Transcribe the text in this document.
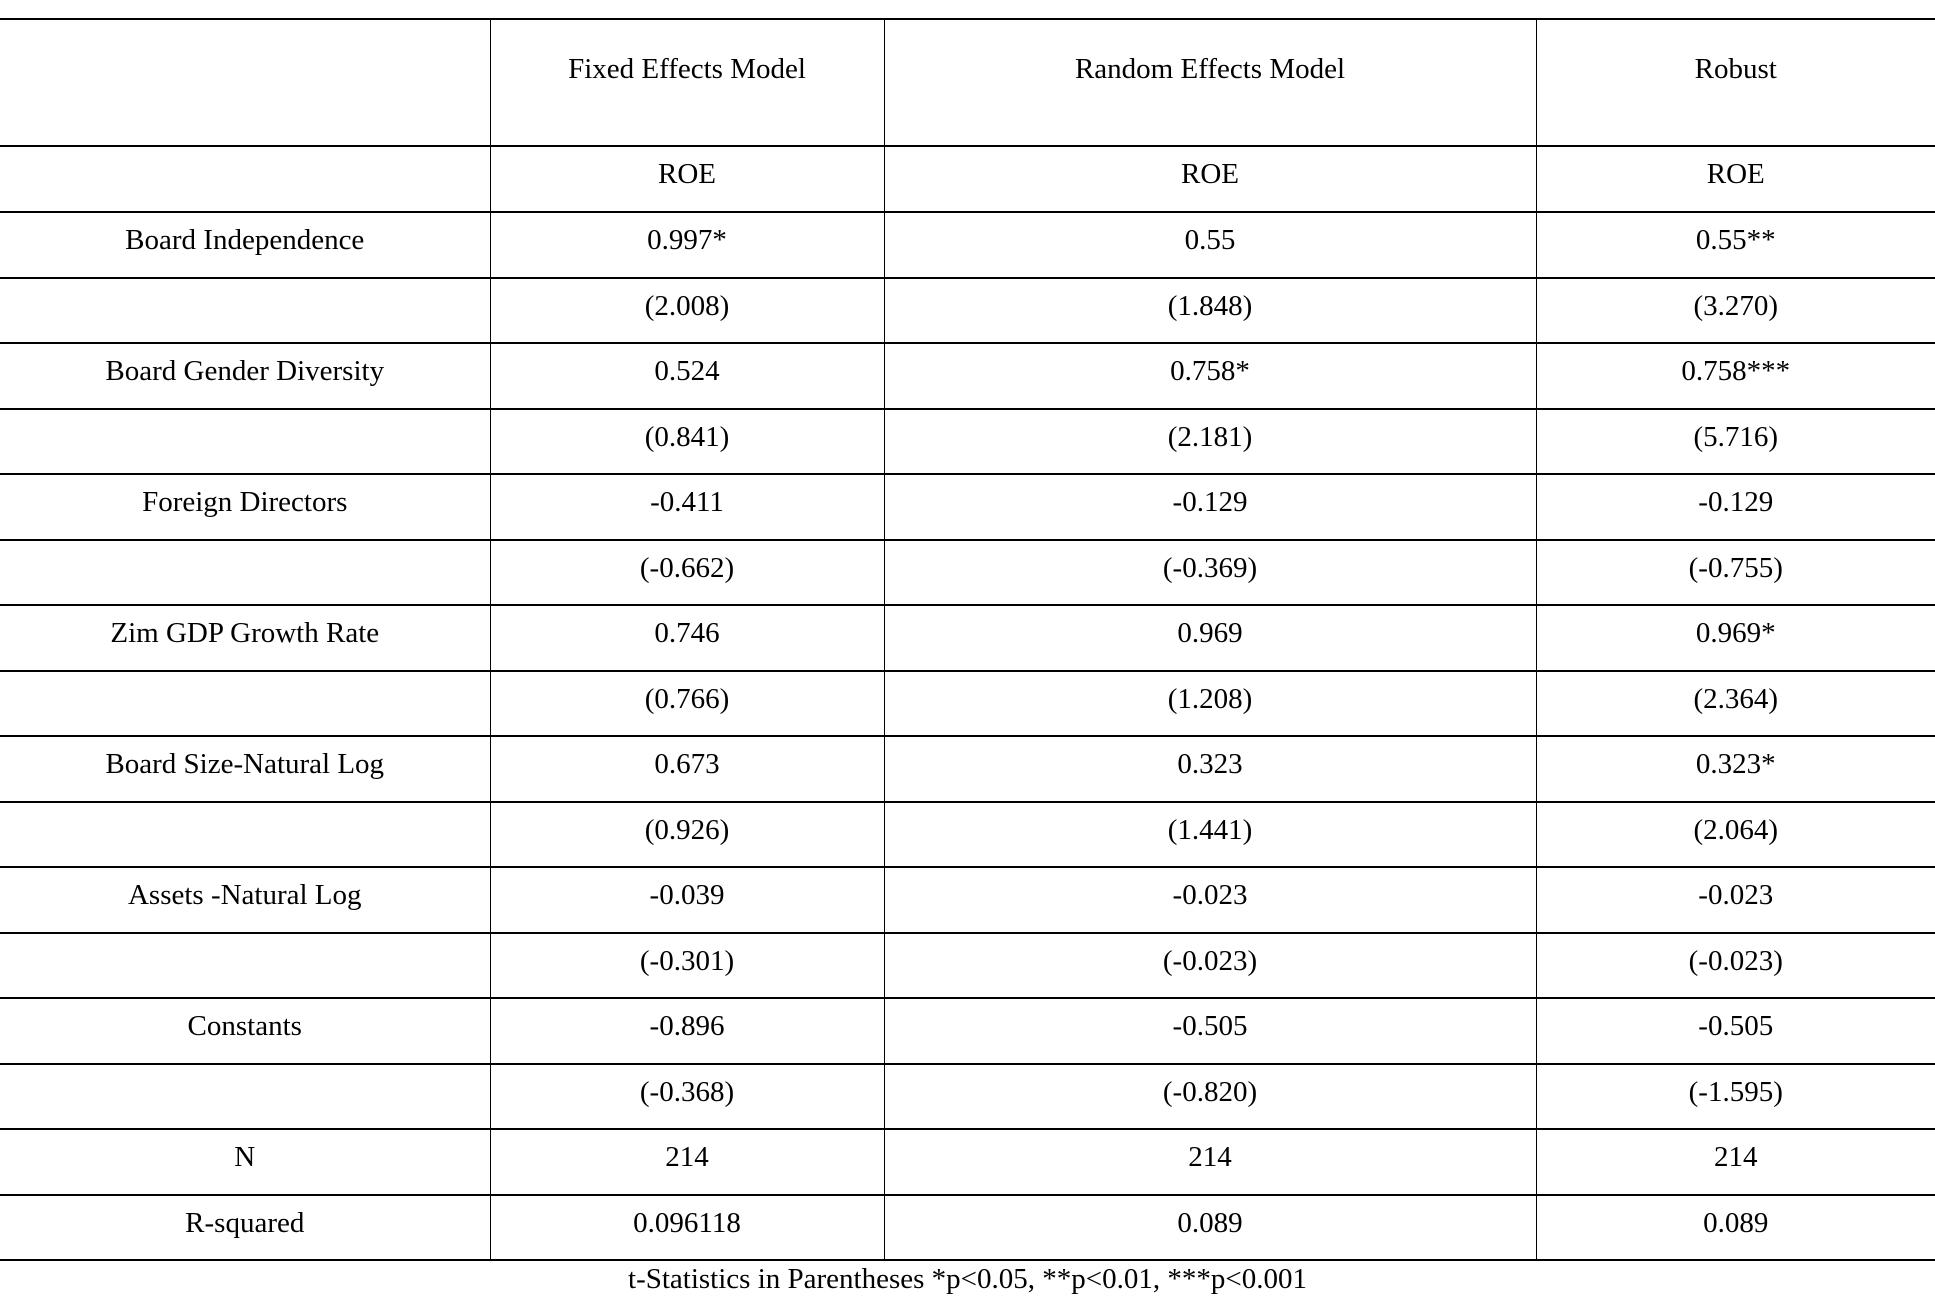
	Fixed Effects Model	Random Effects Model	Robust
	ROE	ROE	ROE
Board Independence	0.997*	0.55	0.55**
	(2.008)	(1.848)	(3.270)
Board Gender Diversity	0.524	0.758*	0.758***
	(0.841)	(2.181)	(5.716)
Foreign Directors	-0.411	-0.129	-0.129
	(-0.662)	(-0.369)	(-0.755)
Zim GDP Growth Rate	0.746	0.969	0.969*
	(0.766)	(1.208)	(2.364)
Board Size-Natural Log	0.673	0.323	0.323*
	(0.926)	(1.441)	(2.064)
Assets -Natural Log	-0.039	-0.023	-0.023
	(-0.301)	(-0.023)	(-0.023)
Constants	-0.896	-0.505	-0.505
	(-0.368)	(-0.820)	(-1.595)
N	214	214	214
R-squared	0.096118	0.089	0.089
t-Statistics in Parentheses *p<0.05, **p<0.01, ***p<0.001
